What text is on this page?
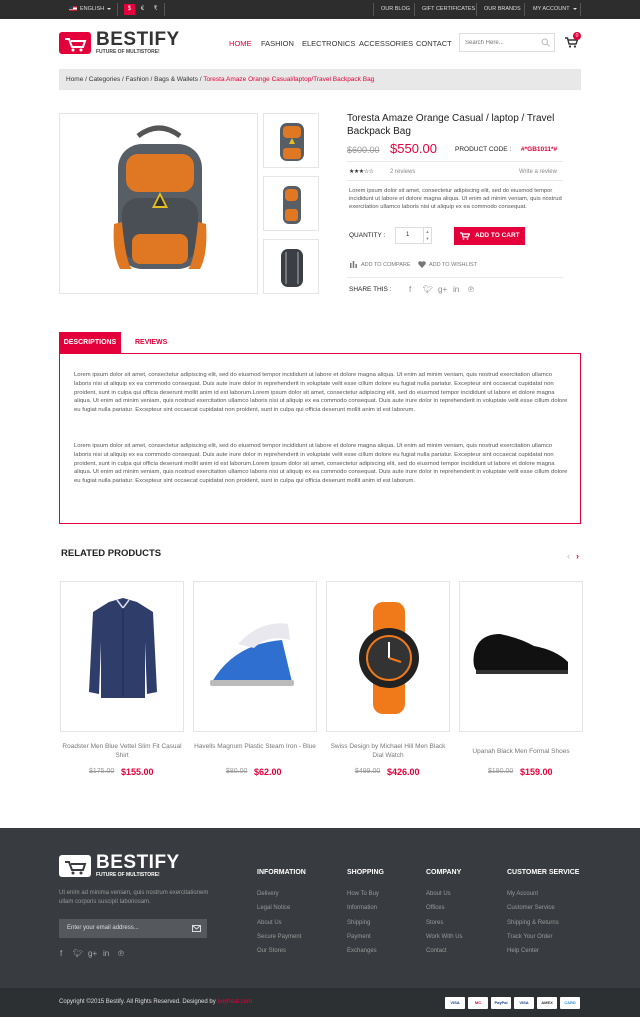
ENGLISH	$	€	₹	OUR BLOG GIFT CERTIFICATES OUR BRANDS MY ACCOUNT
BESTIFY
FUTURE OF MULTISTORE!
HOME FASHION ELECTRONICS ACCESSORIES CONTACT
Search Here...
0
Home / Categories / Fashion / Bags & Wallets / Toresta Amaze Orange Casual/laptop/Travel Backpack Bag
Toresta Amaze Orange Casual / laptop / Travel Backpack Bag
$600.00 $550.00	PRODUCT CODE : #*GB1011*#
★★★☆☆	2 reviews	Write a review
Lorem ipsum dolor sit amet, consectetur adipiscing elit, sed do eiusmod tempor incididunt ut labore et dolore magna aliqua. Ut enim ad minim veniam, quis nostrud exercitation ullamco laboris nisi ut aliquip ex ea commodo consequat.
QUANTITY :	1
▲
▼	ADD TO CART
ADD TO COMPARE	ADD TO WISHLIST
SHARE THIS : f 🐦︎ g+ in ℗
DESCRIPTIONS	REVIEWS
Lorem ipsum dolor sit amet, consectetur adipiscing elit, sed do eiusmod tempor incididunt ut labore et dolore magna aliqua. Ut enim ad minim veniam, quis nostrud exercitation ullamco laboris nisi ut aliquip ex ea commodo consequat. Duis aute irure dolor in reprehenderit in voluptate velit esse cillum dolore eu fugiat nulla pariatur. Excepteur sint occaecat cupidatat non proident, sunt in culpa qui officia deserunt mollit anim id est laborum.Lorem ipsum dolor sit amet, consectetur adipiscing elit, sed do eiusmod tempor incididunt ut labore et dolore magna aliqua. Ut enim ad minim veniam, quis nostrud exercitation ullamco laboris nisi ut aliquip ex ea commodo consequat. Duis aute irure dolor in reprehenderit in voluptate velit esse cillum dolore eu fugiat nulla pariatur. Excepteur sint occaecat cupidatat non proident, sunt in culpa qui officia deserunt mollit anim id est laborum.
Lorem ipsum dolor sit amet, consectetur adipiscing elit, sed do eiusmod tempor incididunt ut labore et dolore magna aliqua. Ut enim ad minim veniam, quis nostrud exercitation ullamco laboris nisi ut aliquip ex ea commodo consequat. Duis aute irure dolor in reprehenderit in voluptate velit esse cillum dolore eu fugiat nulla pariatur. Excepteur sint occaecat cupidatat non proident, sunt in culpa qui officia deserunt mollit anim id est laborum.Lorem ipsum dolor sit amet, consectetur adipiscing elit, sed do eiusmod tempor incididunt ut labore et dolore magna aliqua. Ut enim ad minim veniam, quis nostrud exercitation ullamco laboris nisi ut aliquip ex ea commodo consequat. Duis aute irure dolor in reprehenderit in voluptate velit esse cillum dolore eu fugiat nulla pariatur. Excepteur sint occaecat cupidatat non proident, sunt in culpa qui officia deserunt mollit anim id est laborum.
RELATED PRODUCTS	‹ ›
Roadster Men Blue Vettel Slim Fit Casual Shirt
$175.00 $155.00
Havells Magnum Plastic Steam Iron - Blue
$80.00 $62.00
Swiss Design by Michael Hill Men Black Dial Watch
$499.00 $426.00
Upanah Black Men Formal Shoes
$190.00 $159.00
BESTIFY
FUTURE OF MULTISTORE!
Ut enim ad minima veniam, quis nostrum exercitationem ullam corporis suscipit laboriosam.
Enter your email address...
f 🐦︎ g+ in ℗
INFORMATION
Delivery
Legal Notice
About Us
Secure Payment
Our Stores
SHOPPING
How To Buy
Information
Shipping
Payment
Exchanges
COMPANY
About Us
Offices
Stores
Work With Us
Contact
CUSTOMER SERVICE
My Account
Customer Service
Shipping & Returns
Track Your Order
Help Center
Copyright ©2015 Bestify. All Rights Reserved. Designed by buyfreat.com	VISA	MC	PayPal	VISA	AMEX	CARD
